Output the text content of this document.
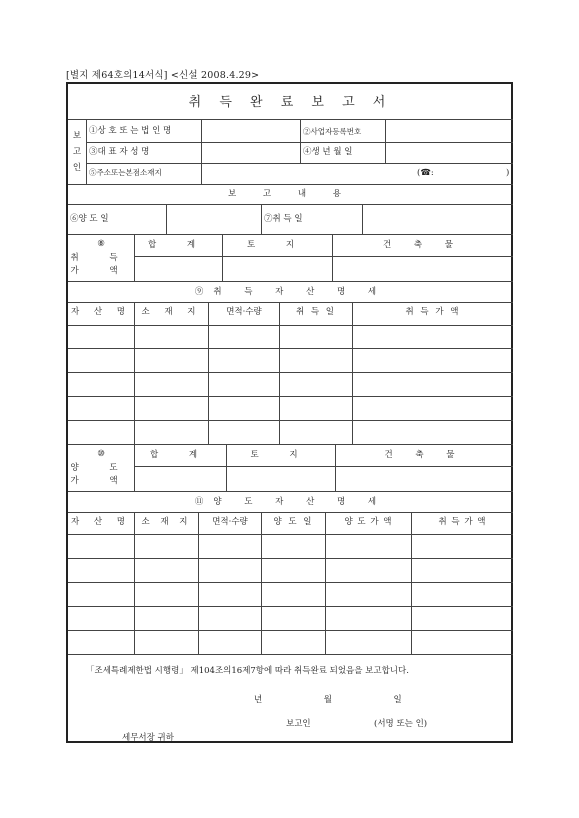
[별지 제64호의14서식] <신설 2008.4.29>
취 득 완 료 보 고 서
보
고
인
①상 호 또 는 법 인 명	②사업자등록번호
③대 표 자 성 명	④생 년 월 일
⑤주소또는본점소재지	(☎:	)
보 고 내 용
⑥양 도 일	⑦취 득 일
⑧
취 득
가 액
합 계	토 지	건 축 물
⑨취 득 자 산 명 세
자 산 명	소 재 지	면적·수량	취 득 일	취 득 가 액
⑩
양 도
가 액
합 계	토 지	건 축 물
⑪양 도 자 산 명 세
자 산 명	소 재 지	면적·수량	양 도 일	양 도 가 액	취 득 가 액
「조세특례제한법 시행령」 제104조의16제7항에 따라 취득완료 되었음을 보고합니다.
년     월     일
보고인	(서명 또는 인)
세무서장 귀하
